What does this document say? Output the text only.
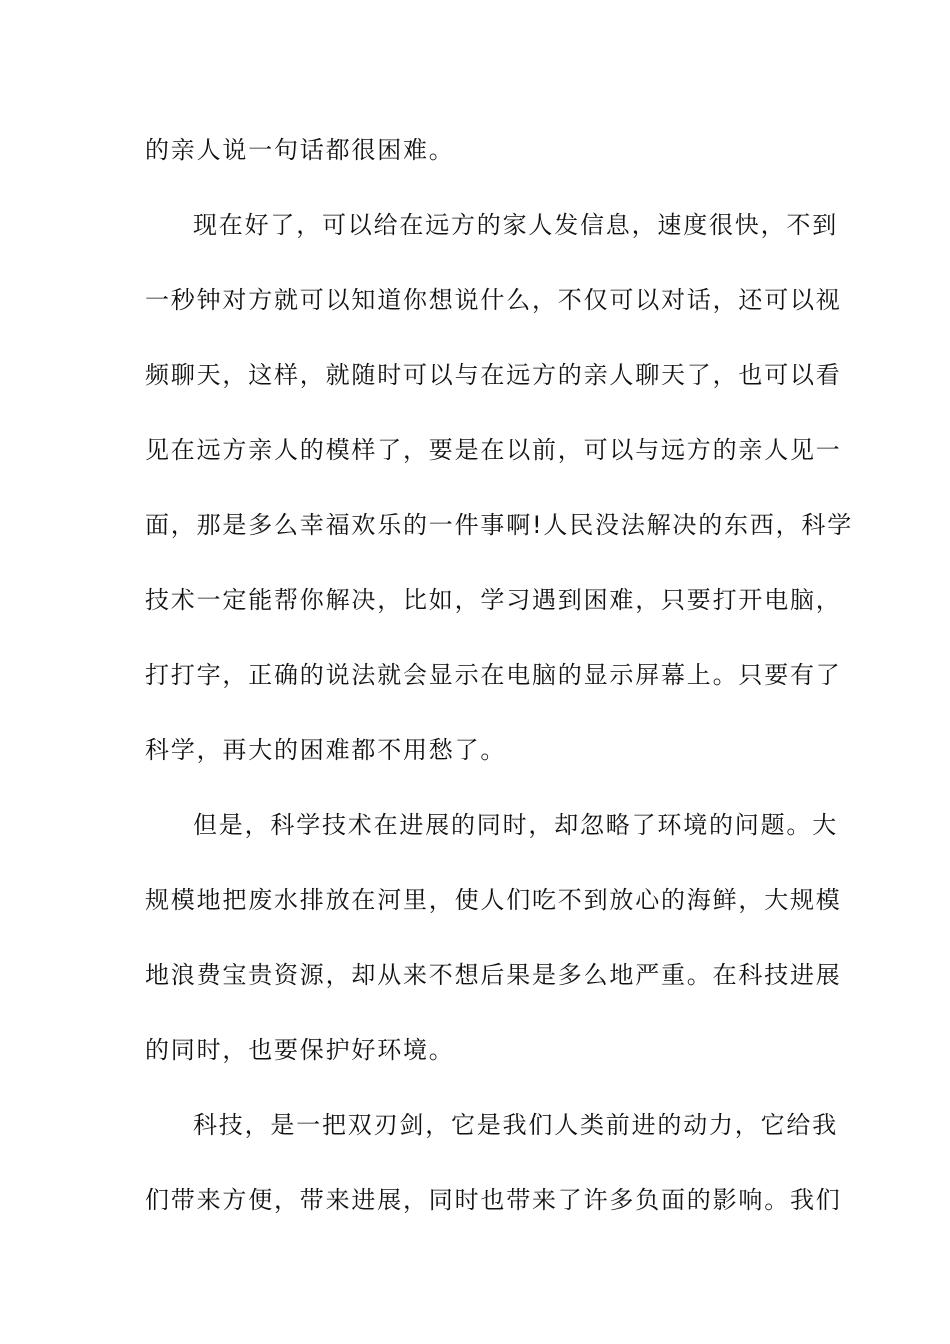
的亲人说一句话都很困难。
现在好了，可以给在远方的家人发信息，速度很快，不到
一秒钟对方就可以知道你想说什么，不仅可以对话，还可以视
频聊天，这样，就随时可以与在远方的亲人聊天了，也可以看
见在远方亲人的模样了，要是在以前，可以与远方的亲人见一
面，那是多么幸福欢乐的一件事啊!人民没法解决的东西，科学
技术一定能帮你解决，比如，学习遇到困难，只要打开电脑，
打打字，正确的说法就会显示在电脑的显示屏幕上。只要有了
科学，再大的困难都不用愁了。
但是，科学技术在进展的同时，却忽略了环境的问题。大
规模地把废水排放在河里，使人们吃不到放心的海鲜，大规模
地浪费宝贵资源，却从来不想后果是多么地严重。在科技进展
的同时，也要保护好环境。
科技，是一把双刃剑，它是我们人类前进的动力，它给我
们带来方便，带来进展，同时也带来了许多负面的影响。我们
